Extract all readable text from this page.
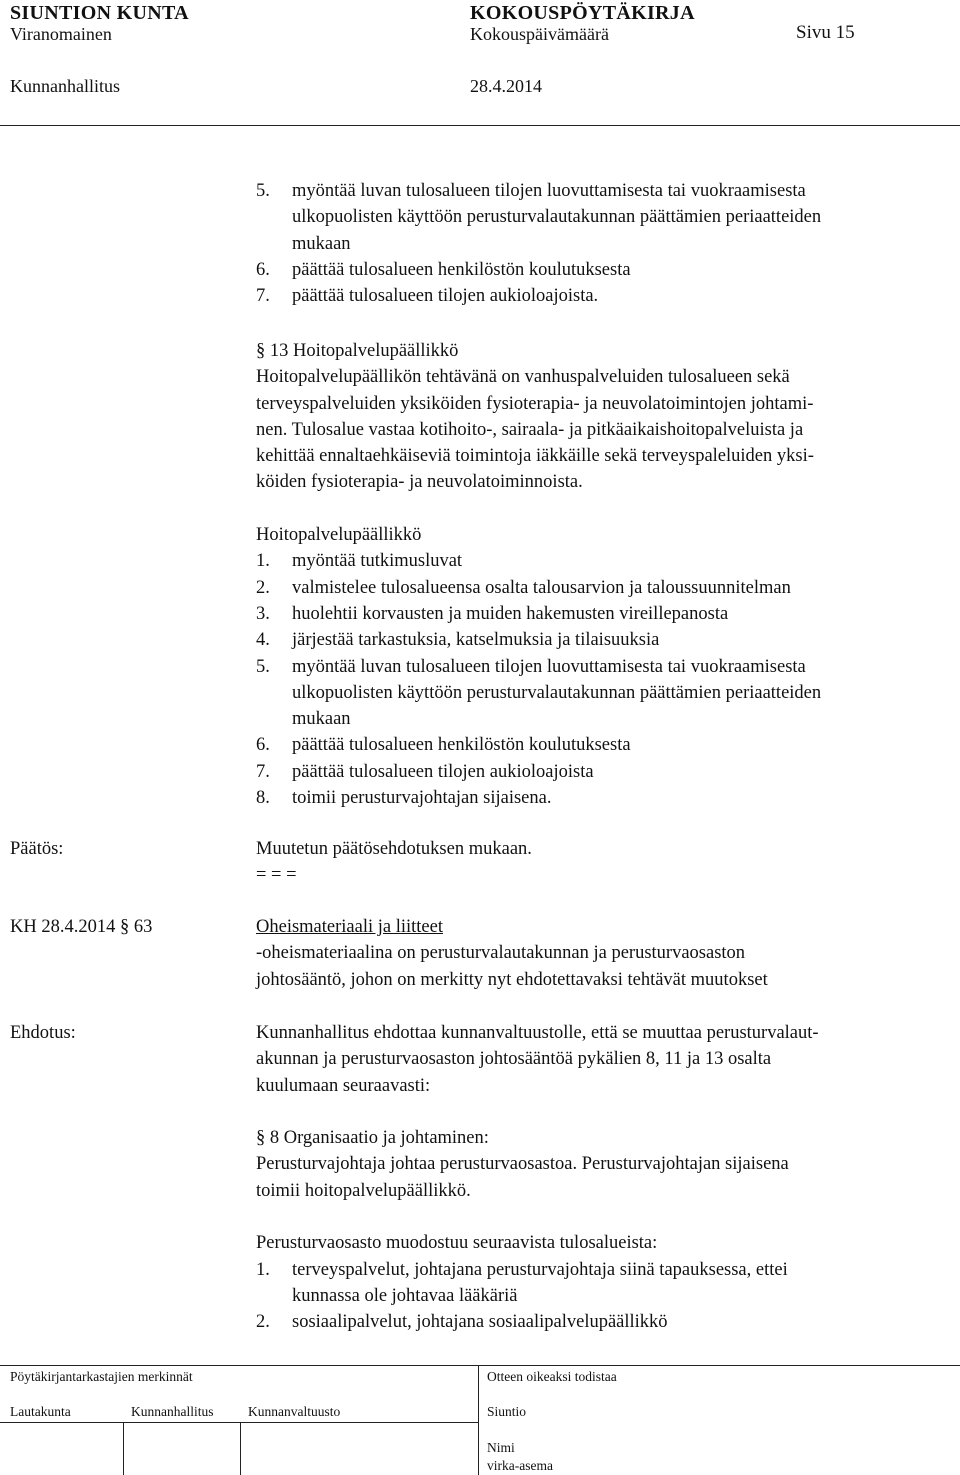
SIUNTION KUNTA	KOKOUSPÖYTÄKIRJA
Viranomainen	Kokouspäivämäärä	Sivu 15
Kunnanhallitus	28.4.2014
5. myöntää luvan tulosalueen tilojen luovuttamisesta tai vuokraamisesta
ulkopuolisten käyttöön perusturvalautakunnan päättämien periaatteiden
mukaan
6. päättää tulosalueen henkilöstön koulutuksesta
7. päättää tulosalueen tilojen aukioloajoista.
§ 13 Hoitopalvelupäällikkö
Hoitopalvelupäällikön tehtävänä on vanhuspalveluiden tulosalueen sekä
terveyspalveluiden yksiköiden fysioterapia- ja neuvolatoimintojen johtami-
nen. Tulosalue vastaa kotihoito-, sairaala- ja pitkäaikaishoitopalveluista ja
kehittää ennaltaehkäiseviä toimintoja iäkkäille sekä terveyspaleluiden yksi-
köiden fysioterapia- ja neuvolatoiminnoista.
Hoitopalvelupäällikkö
1. myöntää tutkimusluvat
2. valmistelee tulosalueensa osalta talousarvion ja taloussuunnitelman
3. huolehtii korvausten ja muiden hakemusten vireillepanosta
4. järjestää tarkastuksia, katselmuksia ja tilaisuuksia
5. myöntää luvan tulosalueen tilojen luovuttamisesta tai vuokraamisesta
ulkopuolisten käyttöön perusturvalautakunnan päättämien periaatteiden
mukaan
6. päättää tulosalueen henkilöstön koulutuksesta
7. päättää tulosalueen tilojen aukioloajoista
8. toimii perusturvajohtajan sijaisena.
Päätös:	Muutetun päätösehdotuksen mukaan.
= = =
KH 28.4.2014 § 63	Oheismateriaali ja liitteet
-oheismateriaalina on perusturvalautakunnan ja perusturvaosaston
johtosääntö, johon on merkitty nyt ehdotettavaksi tehtävät muutokset
Ehdotus:	Kunnanhallitus ehdottaa kunnanvaltuustolle, että se muuttaa perusturvalaut-
akunnan ja perusturvaosaston johtosääntöä pykälien 8, 11 ja 13 osalta
kuulumaan seuraavasti:
§ 8 Organisaatio ja johtaminen:
Perusturvajohtaja johtaa perusturvaosastoa. Perusturvajohtajan sijaisena
toimii hoitopalvelupäällikkö.
Perusturvaosasto muodostuu seuraavista tulosalueista:
1. terveyspalvelut, johtajana perusturvajohtaja siinä tapauksessa, ettei
kunnassa ole johtavaa lääkäriä
2. sosiaalipalvelut, johtajana sosiaalipalvelupäällikkö
Pöytäkirjantarkastajien merkinnät	Otteen oikeaksi todistaa
Lautakunta	Kunnanhallitus	Kunnanvaltuusto	Siuntio
Nimi
virka-asema
